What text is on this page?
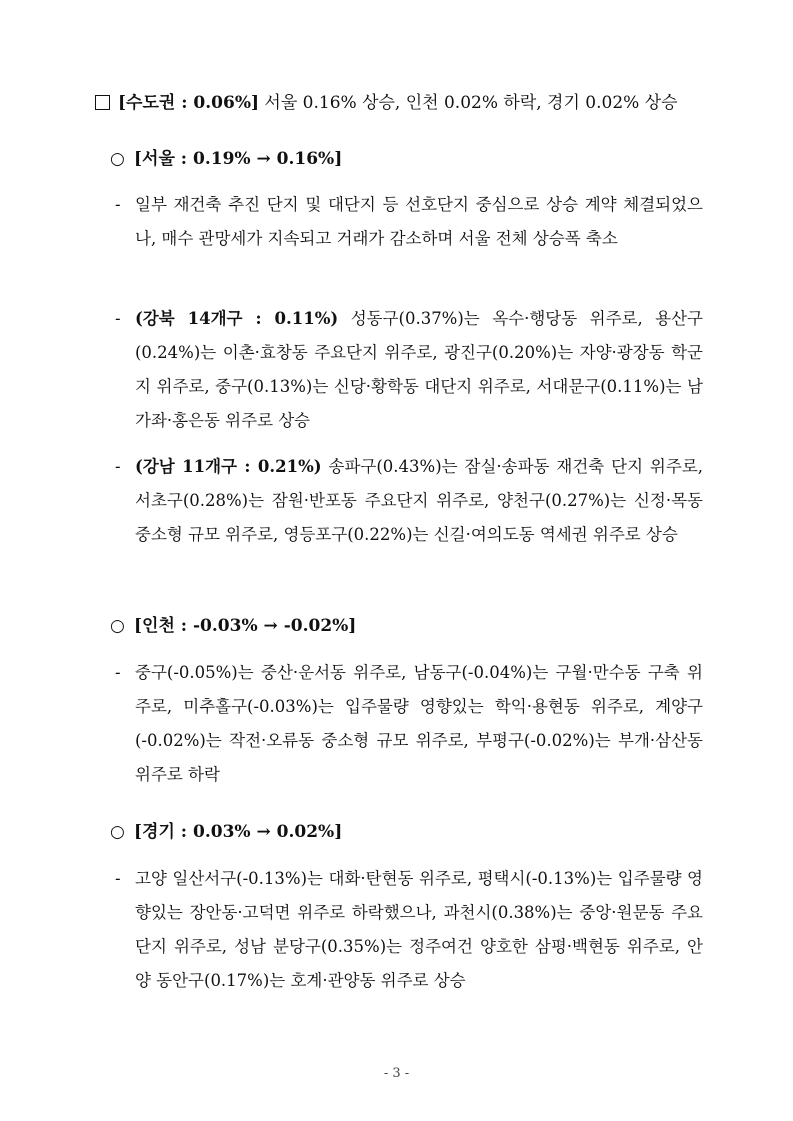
[수도권 : 0.06%] 서울 0.16% 상승, 인천 0.02% 하락, 경기 0.02% 상승
○ [서울 : 0.19% → 0.16%]
- 일부 재건축 추진 단지 및 대단지 등 선호단지 중심으로 상승 계약 체결되었으나, 매수 관망세가 지속되고 거래가 감소하며 서울 전체 상승폭 축소
- (강북 14개구 : 0.11%) 성동구(0.37%)는 옥수·행당동 위주로, 용산구(0.24%)는 이촌·효창동 주요단지 위주로, 광진구(0.20%)는 자양·광장동 학군지 위주로, 중구(0.13%)는 신당·황학동 대단지 위주로, 서대문구(0.11%)는 남가좌·홍은동 위주로 상승
- (강남 11개구 : 0.21%) 송파구(0.43%)는 잠실·송파동 재건축 단지 위주로, 서초구(0.28%)는 잠원·반포동 주요단지 위주로, 양천구(0.27%)는 신정·목동 중소형 규모 위주로, 영등포구(0.22%)는 신길·여의도동 역세권 위주로 상승
○ [인천 : -0.03% → -0.02%]
- 중구(-0.05%)는 중산·운서동 위주로, 남동구(-0.04%)는 구월·만수동 구축 위주로, 미추홀구(-0.03%)는 입주물량 영향있는 학익·용현동 위주로, 계양구(-0.02%)는 작전·오류동 중소형 규모 위주로, 부평구(-0.02%)는 부개·삼산동 위주로 하락
○ [경기 : 0.03% → 0.02%]
- 고양 일산서구(-0.13%)는 대화·탄현동 위주로, 평택시(-0.13%)는 입주물량 영향있는 장안동·고덕면 위주로 하락했으나, 과천시(0.38%)는 중앙·원문동 주요단지 위주로, 성남 분당구(0.35%)는 정주여건 양호한 삼평·백현동 위주로, 안양 동안구(0.17%)는 호계·관양동 위주로 상승
- 3 -
